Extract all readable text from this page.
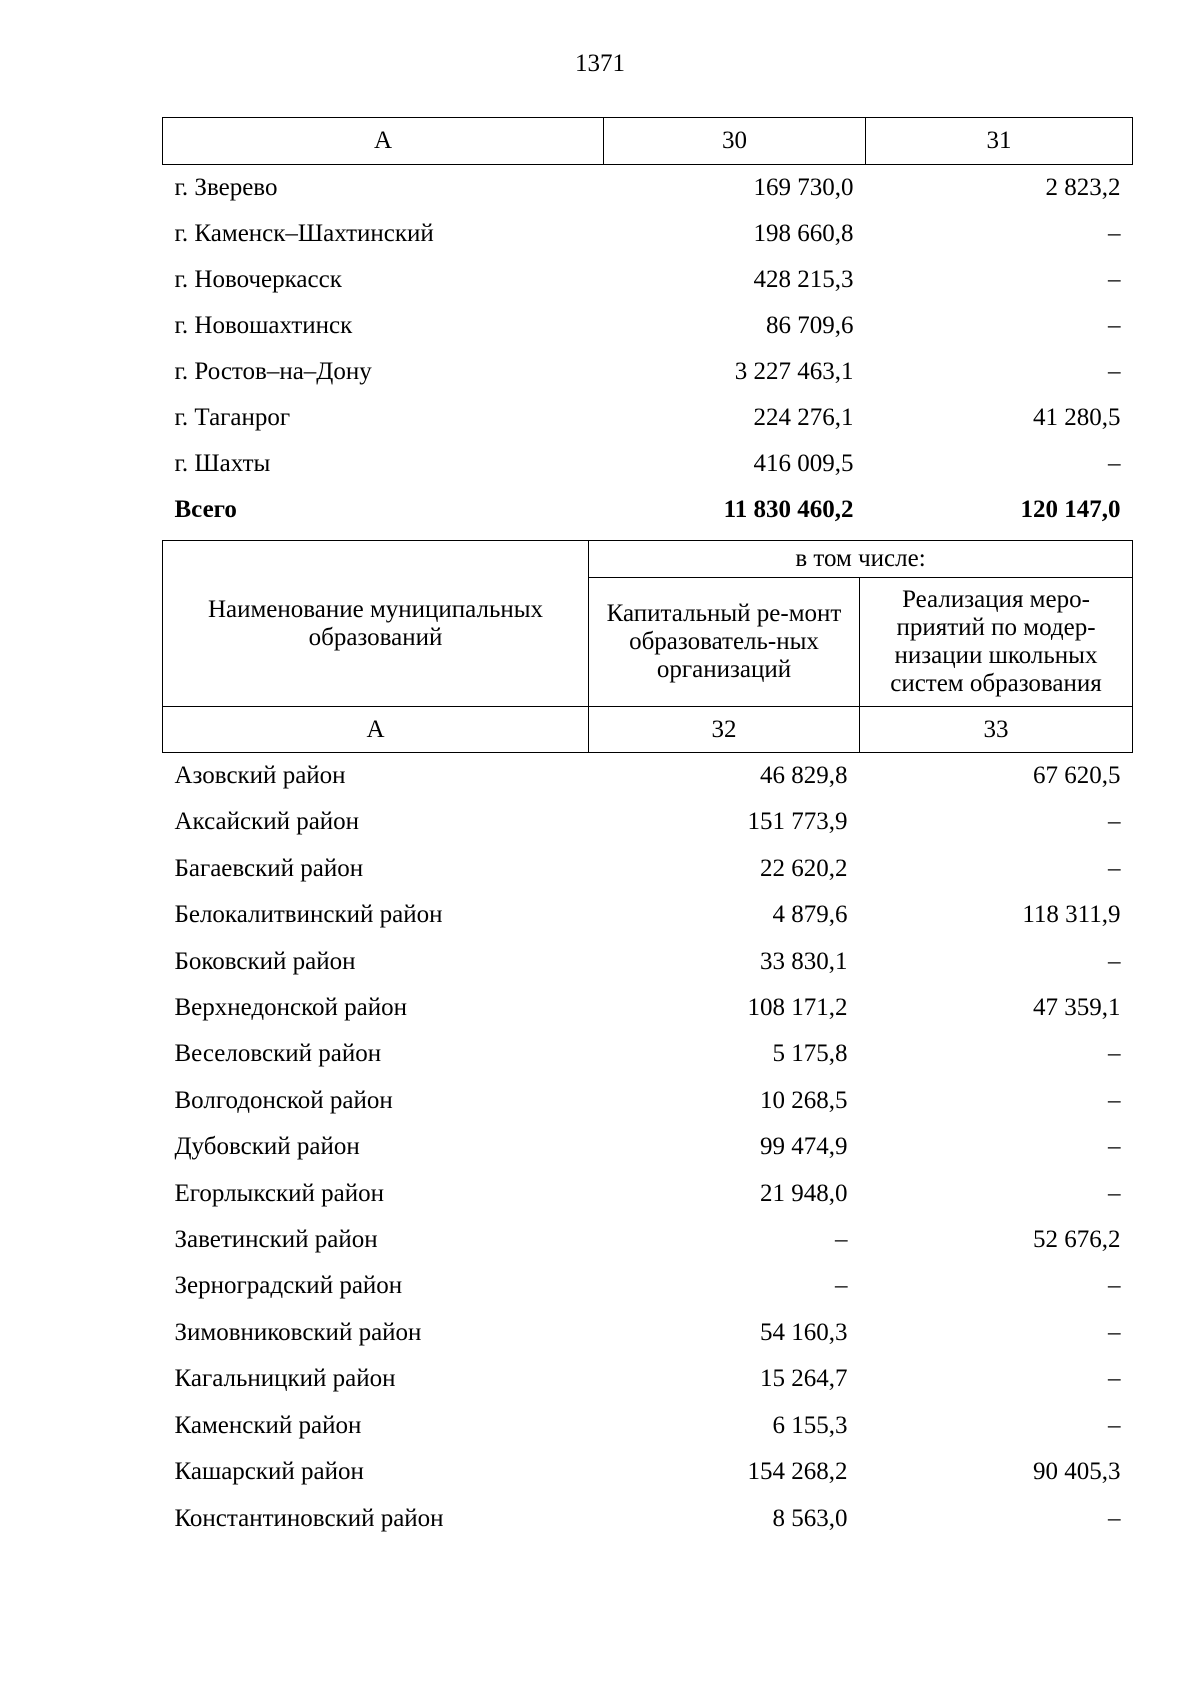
1371
А	30	31
г. Зверево	169 730,0	2 823,2
г. Каменск–Шахтинский	198 660,8	–
г. Новочеркасск	428 215,3	–
г. Новошахтинск	86 709,6	–
г. Ростов–на–Дону	3 227 463,1	–
г. Таганрог	224 276,1	41 280,5
г. Шахты	416 009,5	–
Всего	11 830 460,2	120 147,0
Наименование муниципальных образований	в том числе:	
	Капитальный ре-монт образователь-ных организаций	Реализация меро-приятий по модер-низации школьных систем образования
А	32	33
Азовский район	46 829,8	67 620,5
Аксайский район	151 773,9	–
Багаевский район	22 620,2	–
Белокалитвинский район	4 879,6	118 311,9
Боковский район	33 830,1	–
Верхнедонской район	108 171,2	47 359,1
Веселовский район	5 175,8	–
Волгодонской район	10 268,5	–
Дубовский район	99 474,9	–
Егорлыкский район	21 948,0	–
Заветинский район	–	52 676,2
Зерноградский район	–	–
Зимовниковский район	54 160,3	–
Кагальницкий район	15 264,7	–
Каменский район	6 155,3	–
Кашарский район	154 268,2	90 405,3
Константиновский район	8 563,0	–
